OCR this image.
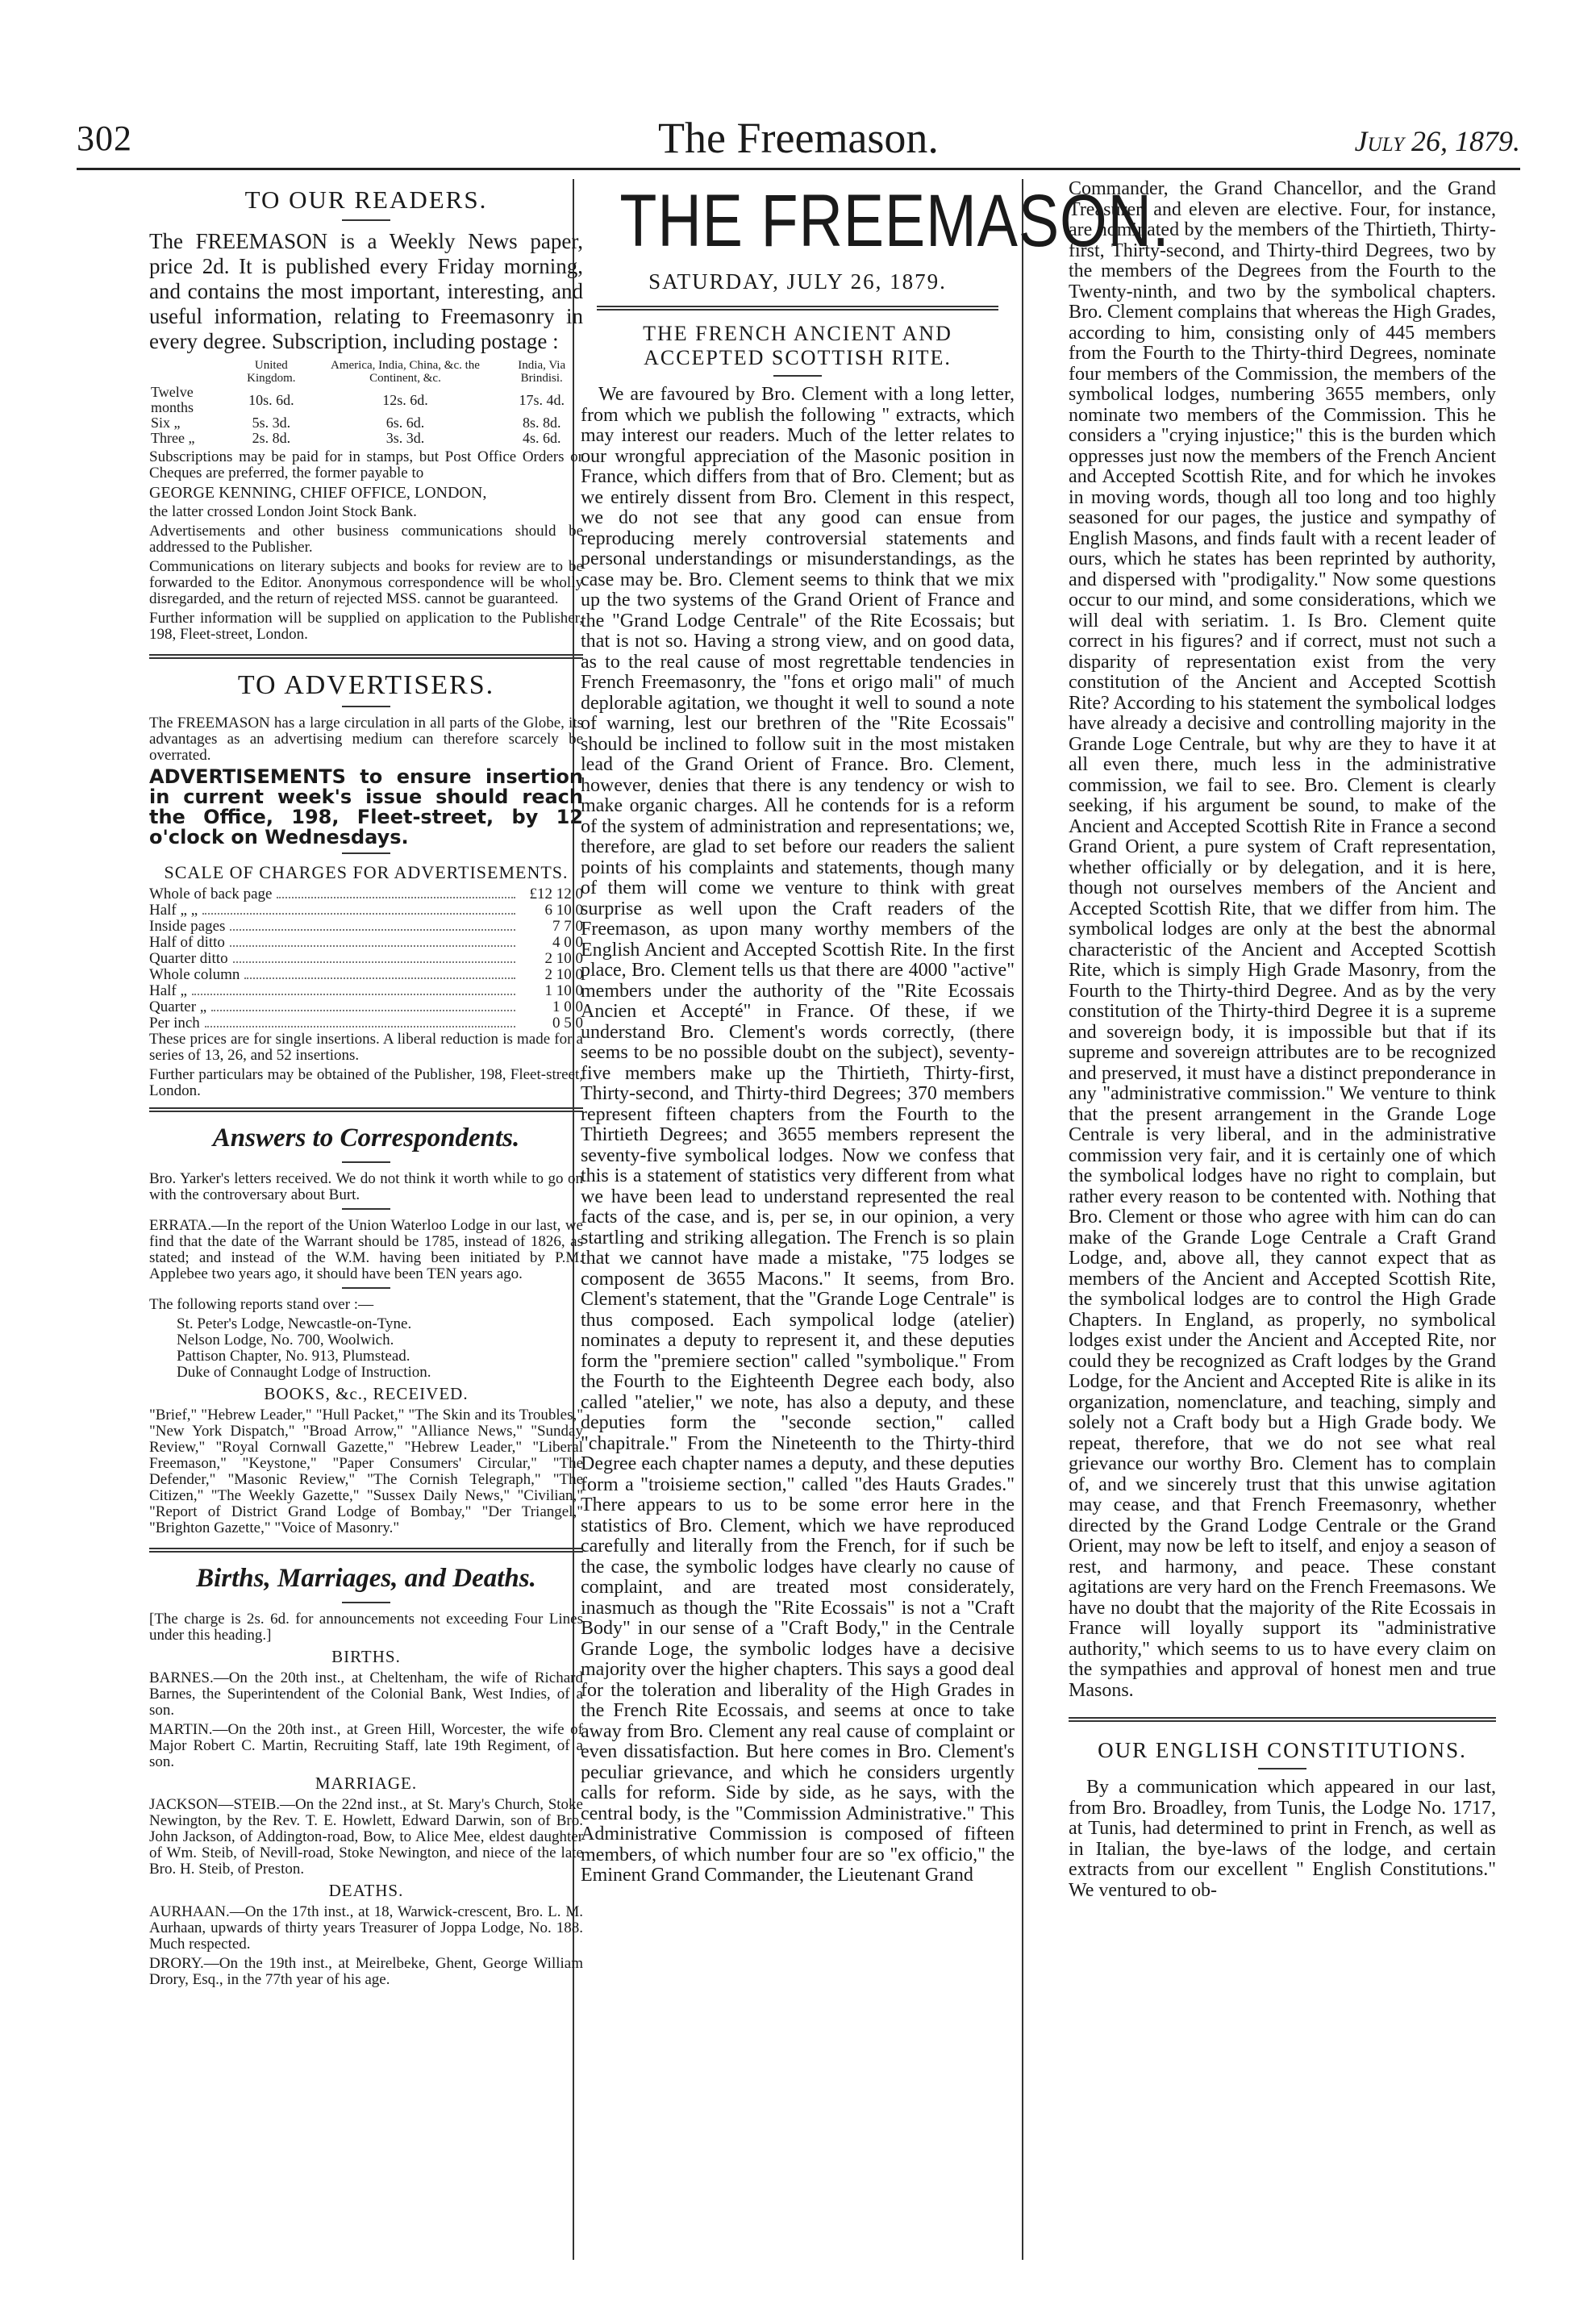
302	The Freemason.	July 26, 1879.
TO OUR READERS.

The FREEMASON is a Weekly News paper, price 2d. It is published every Friday morning, and contains the most important, interesting, and useful information, relating to Freemasonry in every degree. Subscription, including postage :

	United Kingdom.	America, India, China, &c. the Continent, &c.	India, Via Brindisi.
Twelve months	10s. 6d.	12s. 6d.	17s. 4d.
Six „	5s. 3d.	6s. 6d.	8s. 8d.
Three „	2s. 8d.	3s. 3d.	4s. 6d.

Subscriptions may be paid for in stamps, but Post Office Orders or Cheques are preferred, the former payable to

GEORGE KENNING, CHIEF OFFICE, LONDON,

the latter crossed London Joint Stock Bank.

Advertisements and other business communications should be addressed to the Publisher.

Communications on literary subjects and books for review are to be forwarded to the Editor. Anonymous correspondence will be wholly disregarded, and the return of rejected MSS. cannot be guaranteed.

Further information will be supplied on application to the Publisher, 198, Fleet-street, London.

TO ADVERTISERS.

The FREEMASON has a large circulation in all parts of the Globe, its advantages as an advertising medium can therefore scarcely be overrated.

ADVERTISEMENTS to ensure insertion in current week's issue should reach the Office, 198, Fleet-street, by 12 o'clock on Wednesdays.

SCALE OF CHARGES FOR ADVERTISEMENTS.
Whole of back page	£12 12 0
Half „ „	6 10 0
Inside pages	7 7 0
Half of ditto	4 0 0
Quarter ditto	2 10 0
Whole column	2 10 0
Half „	1 10 0
Quarter „	1 0 0
Per inch	0 5 0

These prices are for single insertions. A liberal reduction is made for a series of 13, 26, and 52 insertions.

Further particulars may be obtained of the Publisher, 198, Fleet-street, London.

Answers to Correspondents.

Bro. Yarker's letters received. We do not think it worth while to go on with the controversary about Burt.

ERRATA.—In the report of the Union Waterloo Lodge in our last, we find that the date of the Warrant should be 1785, instead of 1826, as stated; and instead of the W.M. having been initiated by P.M. Applebee two years ago, it should have been TEN years ago.

The following reports stand over :—

St. Peter's Lodge, Newcastle-on-Tyne.
Nelson Lodge, No. 700, Woolwich.
Pattison Chapter, No. 913, Plumstead.
Duke of Connaught Lodge of Instruction.
BOOKS, &c., RECEIVED.

"Brief," "Hebrew Leader," "Hull Packet," "The Skin and its Troubles," "New York Dispatch," "Broad Arrow," "Alliance News," "Sunday Review," "Royal Cornwall Gazette," "Hebrew Leader," "Liberal Freemason," "Keystone," "Paper Consumers' Circular," "The Defender," "Masonic Review," "The Cornish Telegraph," "The Citizen," "The Weekly Gazette," "Sussex Daily News," "Civilian," "Report of District Grand Lodge of Bombay," "Der Triangel," "Brighton Gazette," "Voice of Masonry."

Births, Marriages, and Deaths.

[The charge is 2s. 6d. for announcements not exceeding Four Lines under this heading.]

BIRTHS.

BARNES.—On the 20th inst., at Cheltenham, the wife of Richard Barnes, the Superintendent of the Colonial Bank, West Indies, of a son.

MARTIN.—On the 20th inst., at Green Hill, Worcester, the wife of Major Robert C. Martin, Recruiting Staff, late 19th Regiment, of a son.

MARRIAGE.

JACKSON—STEIB.—On the 22nd inst., at St. Mary's Church, Stoke Newington, by the Rev. T. E. Howlett, Edward Darwin, son of Bro. John Jackson, of Addington-road, Bow, to Alice Mee, eldest daughter of Wm. Steib, of Nevill-road, Stoke Newington, and niece of the late Bro. H. Steib, of Preston.

DEATHS.

AURHAAN.—On the 17th inst., at 18, Warwick-crescent, Bro. L. M. Aurhaan, upwards of thirty years Treasurer of Joppa Lodge, No. 188. Much respected.

DRORY.—On the 19th inst., at Meirelbeke, Ghent, George William Drory, Esq., in the 77th year of his age.

THE FREEMASON.
SATURDAY, JULY 26, 1879.
THE FRENCH ANCIENT AND ACCEPTED SCOTTISH RITE.

We are favoured by Bro. Clement with a long letter, from which we publish the following " extracts, which may interest our readers. Much of the letter relates to our wrongful appreciation of the Masonic position in France, which differs from that of Bro. Clement; but as we entirely dissent from Bro. Clement in this respect, we do not see that any good can ensue from reproducing merely controversial statements and personal understandings or misunderstandings, as the case may be. Bro. Clement seems to think that we mix up the two systems of the Grand Orient of France and the "Grand Lodge Centrale" of the Rite Ecossais; but that is not so. Having a strong view, and on good data, as to the real cause of most regrettable tendencies in French Freemasonry, the "fons et origo mali" of much deplorable agitation, we thought it well to sound a note of warning, lest our brethren of the "Rite Ecossais" should be inclined to follow suit in the most mistaken lead of the Grand Orient of France. Bro. Clement, however, denies that there is any tendency or wish to make organic charges. All he contends for is a reform of the system of administration and representations; we, therefore, are glad to set before our readers the salient points of his complaints and statements, though many of them will come we venture to think with great surprise as well upon the Craft readers of the Freemason, as upon many worthy members of the English Ancient and Accepted Scottish Rite. In the first place, Bro. Clement tells us that there are 4000 "active" members under the authority of the "Rite Ecossais Ancien et Accepté" in France. Of these, if we understand Bro. Clement's words correctly, (there seems to be no possible doubt on the subject), seventy-five members make up the Thirtieth, Thirty-first, Thirty-second, and Thirty-third Degrees; 370 members represent fifteen chapters from the Fourth to the Thirtieth Degrees; and 3655 members represent the seventy-five symbolical lodges. Now we confess that this is a statement of statistics very different from what we have been lead to understand represented the real facts of the case, and is, per se, in our opinion, a very startling and striking allegation. The French is so plain that we cannot have made a mistake, "75 lodges se composent de 3655 Macons." It seems, from Bro. Clement's statement, that the "Grande Loge Centrale" is thus composed. Each sympolical lodge (atelier) nominates a deputy to represent it, and these deputies form the "premiere section" called "symbolique." From the Fourth to the Eighteenth Degree each body, also called "atelier," we note, has also a deputy, and these deputies form the "seconde section," called "chapitrale." From the Nineteenth to the Thirty-third Degree each chapter names a deputy, and these deputies form a "troisieme section," called "des Hauts Grades." There appears to us to be some error here in the statistics of Bro. Clement, which we have reproduced carefully and literally from the French, for if such be the case, the symbolic lodges have clearly no cause of complaint, and are treated most considerately, inasmuch as though the "Rite Ecossais" is not a "Craft Body" in our sense of a "Craft Body," in the Centrale Grande Loge, the symbolic lodges have a decisive majority over the higher chapters. This says a good deal for the toleration and liberality of the High Grades in the French Rite Ecossais, and seems at once to take away from Bro. Clement any real cause of complaint or even dissatisfaction. But here comes in Bro. Clement's peculiar grievance, and which he considers urgently calls for reform. Side by side, as he says, with the central body, is the "Commission Administrative." This Administrative Commission is composed of fifteen members, of which number four are so "ex officio," the Eminent Grand Commander, the Lieutenant Grand

Commander, the Grand Chancellor, and the Grand Treasurer, and eleven are elective. Four, for instance, are nominated by the members of the Thirtieth, Thirty-first, Thirty-second, and Thirty-third Degrees, two by the members of the Degrees from the Fourth to the Twenty-ninth, and two by the symbolical chapters. Bro. Clement complains that whereas the High Grades, according to him, consisting only of 445 members from the Fourth to the Thirty-third Degrees, nominate four members of the Commission, the members of the symbolical lodges, numbering 3655 members, only nominate two members of the Commission. This he considers a "crying injustice;" this is the burden which oppresses just now the members of the French Ancient and Accepted Scottish Rite, and for which he invokes in moving words, though all too long and too highly seasoned for our pages, the justice and sympathy of English Masons, and finds fault with a recent leader of ours, which he states has been reprinted by authority, and dispersed with "prodigality." Now some questions occur to our mind, and some considerations, which we will deal with seriatim. 1. Is Bro. Clement quite correct in his figures? and if correct, must not such a disparity of representation exist from the very constitution of the Ancient and Accepted Scottish Rite? According to his statement the symbolical lodges have already a decisive and controlling majority in the Grande Loge Centrale, but why are they to have it at all even there, much less in the administrative commission, we fail to see. Bro. Clement is clearly seeking, if his argument be sound, to make of the Ancient and Accepted Scottish Rite in France a second Grand Orient, a pure system of Craft representation, whether officially or by delegation, and it is here, though not ourselves members of the Ancient and Accepted Scottish Rite, that we differ from him. The symbolical lodges are only at the best the abnormal characteristic of the Ancient and Accepted Scottish Rite, which is simply High Grade Masonry, from the Fourth to the Thirty-third Degree. And as by the very constitution of the Thirty-third Degree it is a supreme and sovereign body, it is impossible but that if its supreme and sovereign attributes are to be recognized and preserved, it must have a distinct preponderance in any "administrative commission." We venture to think that the present arrangement in the Grande Loge Centrale is very liberal, and in the administrative commission very fair, and it is certainly one of which the symbolical lodges have no right to complain, but rather every reason to be contented with. Nothing that Bro. Clement or those who agree with him can do can make of the Grande Loge Centrale a Craft Grand Lodge, and, above all, they cannot expect that as members of the Ancient and Accepted Scottish Rite, the symbolical lodges are to control the High Grade Chapters. In England, as properly, no symbolical lodges exist under the Ancient and Accepted Rite, nor could they be recognized as Craft lodges by the Grand Lodge, for the Ancient and Accepted Rite is alike in its organization, nomenclature, and teaching, simply and solely not a Craft body but a High Grade body. We repeat, therefore, that we do not see what real grievance our worthy Bro. Clement has to complain of, and we sincerely trust that this unwise agitation may cease, and that French Freemasonry, whether directed by the Grand Lodge Centrale or the Grand Orient, may now be left to itself, and enjoy a season of rest, and harmony, and peace. These constant agitations are very hard on the French Freemasons. We have no doubt that the majority of the Rite Ecossais in France will loyally support its "administrative authority," which seems to us to have every claim on the sympathies and approval of honest men and true Masons.

OUR ENGLISH CONSTITUTIONS.

By a communication which appeared in our last, from Bro. Broadley, from Tunis, the Lodge No. 1717, at Tunis, had determined to print in French, as well as in Italian, the bye-laws of the lodge, and certain extracts from our excellent " English Constitutions." We ventured to ob-
